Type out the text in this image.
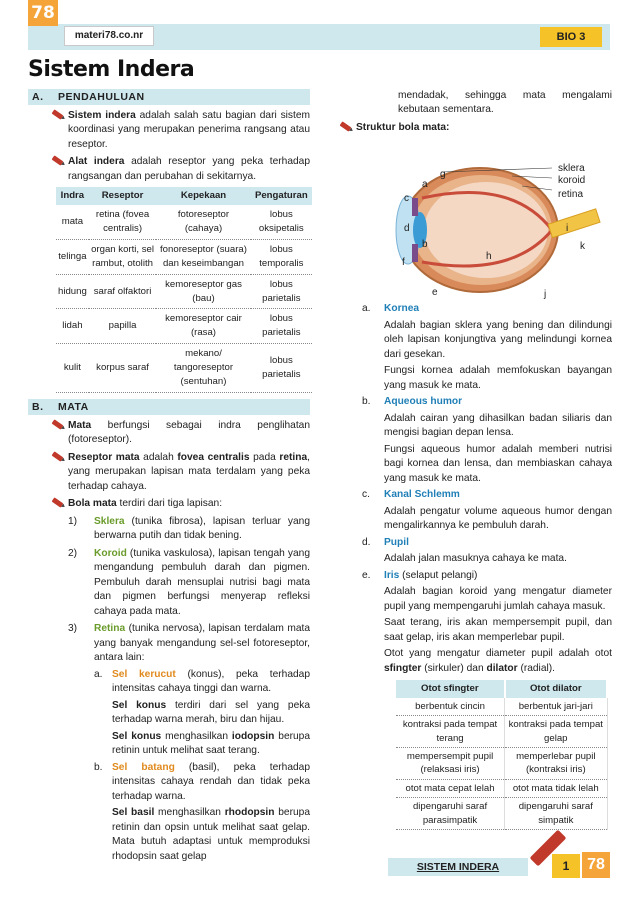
78
materi78.co.nr	BIO 3
Sistem Indera
A. PENDAHULUAN
Sistem indera adalah salah satu bagian dari sistem koordinasi yang merupakan penerima rangsang atau reseptor.
Alat indera adalah reseptor yang peka terhadap rangsangan dan perubahan di sekitarnya.
Indra	Reseptor	Kepekaan	Pengaturan
mata	retina (fovea centralis)	fotoreseptor (cahaya)	lobus oksipetalis
telinga	organ korti, sel rambut, otolith	fonoreseptor (suara) dan keseimbangan	lobus temporalis
hidung	saraf olfaktori	kemoreseptor gas (bau)	lobus parietalis
lidah	papilla	kemoreseptor cair (rasa)	lobus parietalis
kulit	korpus saraf	mekano/ tangoreseptor (sentuhan)	lobus parietalis
B. MATA
Mata berfungsi sebagai indra penglihatan (fotoreseptor).
Reseptor mata adalah fovea centralis pada retina, yang merupakan lapisan mata terdalam yang peka terhadap cahaya.
Bola mata terdiri dari tiga lapisan:
1) Sklera (tunika fibrosa), lapisan terluar yang berwarna putih dan tidak bening.
2) Koroid (tunika vaskulosa), lapisan tengah yang mengandung pembuluh darah dan pigmen. Pembuluh darah mensuplai nutrisi bagi mata dan pigmen berfungsi menyerap refleksi cahaya pada mata.
3) Retina (tunika nervosa), lapisan terdalam mata yang banyak mengandung sel-sel fotoreseptor, antara lain:
a. Sel kerucut (konus), peka terhadap intensitas cahaya tinggi dan warna.
Sel konus terdiri dari sel yang peka terhadap warna merah, biru dan hijau.
Sel konus menghasilkan iodopsin berupa retinin untuk melihat saat terang.
b. Sel batang (basil), peka terhadap intensitas cahaya rendah dan tidak peka terhadap warna.
Sel basil menghasilkan rhodopsin berupa retinin dan opsin untuk melihat saat gelap. Mata butuh adaptasi untuk memproduksi rhodopsin saat gelap
mendadak, sehingga mata mengalami kebutaan sementara.
Struktur bola mata:
sklera
koroid
retina
a
b
c
d
e
f
g
h
i
k
j
a. Kornea
Adalah bagian sklera yang bening dan dilindungi oleh lapisan konjungtiva yang melindungi kornea dari gesekan.
Fungsi kornea adalah memfokuskan bayangan yang masuk ke mata.
b. Aqueous humor
Adalah cairan yang dihasilkan badan siliaris dan mengisi bagian depan lensa.
Fungsi aqueous humor adalah memberi nutrisi bagi kornea dan lensa, dan membiaskan cahaya yang masuk ke mata.
c. Kanal Schlemm
Adalah pengatur volume aqueous humor dengan mengalirkannya ke pembuluh darah.
d. Pupil
Adalah jalan masuknya cahaya ke mata.
e. Iris (selaput pelangi)
Adalah bagian koroid yang mengatur diameter pupil yang mempengaruhi jumlah cahaya masuk.
Saat terang, iris akan mempersempit pupil, dan saat gelap, iris akan memperlebar pupil.
Otot yang mengatur diameter pupil adalah otot sfingter (sirkuler) dan dilator (radial).
Otot sfingter	Otot dilator
berbentuk cincin	berbentuk jari-jari
kontraksi pada tempat terang	kontraksi pada tempat gelap
mempersempit pupil (relaksasi iris)	memperlebar pupil (kontraksi iris)
otot mata cepat lelah	otot mata tidak lelah
dipengaruhi saraf parasimpatik	dipengaruhi saraf simpatik
SISTEM INDERA	1	78
